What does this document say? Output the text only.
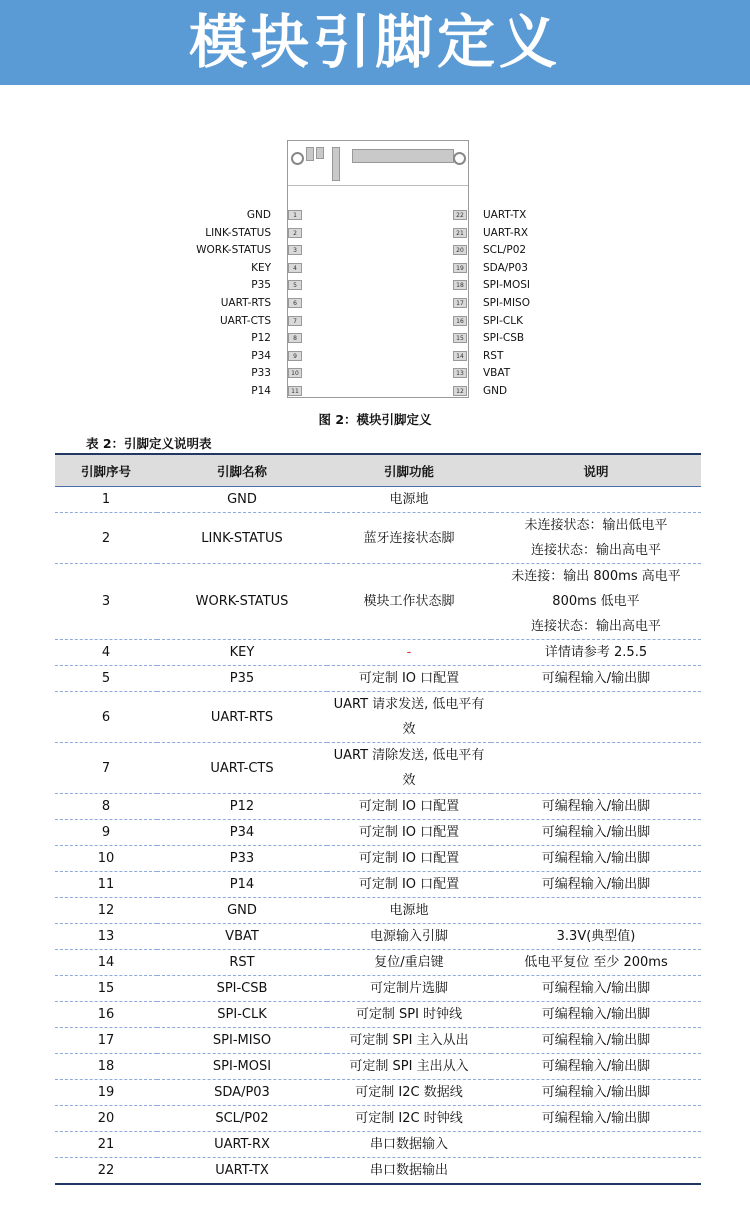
模块引脚定义
GND	1
LINK-STATUS	2
WORK-STATUS	3
KEY	4
P35	5
UART-RTS	6
UART-CTS	7
P12	8
P34	9
P33	10
P14	11
UART-TX
22
UART-RX
21
SCL/P02
20
SDA/P03
19
SPI-MOSI
18
SPI-MISO
17
SPI-CLK
16
SPI-CSB
15
RST
14
VBAT
13
GND
12
图 2：模块引脚定义
表 2：引脚定义说明表
引脚序号	引脚名称	引脚功能	说明
1	GND	电源地	

2	LINK-STATUS	蓝牙连接状态脚	未连接状态：输出低电平
连接状态：输出高电平

3	WORK-STATUS	模块工作状态脚	未连接：输出 800ms 高电平
800ms 低电平
连接状态：输出高电平

4	KEY	-	详情请参考 2.5.5

5	P35	可定制 IO 口配置	可编程输入/输出脚

6	UART-RTS	UART 请求发送, 低电平有
效	

7	UART-CTS	UART 清除发送, 低电平有
效	

8	P12	可定制 IO 口配置	可编程输入/输出脚

9	P34	可定制 IO 口配置	可编程输入/输出脚

10	P33	可定制 IO 口配置	可编程输入/输出脚

11	P14	可定制 IO 口配置	可编程输入/输出脚

12	GND	电源地	

13	VBAT	电源输入引脚	3.3V(典型值)

14	RST	复位/重启键	低电平复位 至少 200ms

15	SPI-CSB	可定制片选脚	可编程输入/输出脚

16	SPI-CLK	可定制 SPI 时钟线	可编程输入/输出脚

17	SPI-MISO	可定制 SPI 主入从出	可编程输入/输出脚

18	SPI-MOSI	可定制 SPI 主出从入	可编程输入/输出脚

19	SDA/P03	可定制 I2C 数据线	可编程输入/输出脚

20	SCL/P02	可定制 I2C 时钟线	可编程输入/输出脚

21	UART-RX	串口数据输入	

22	UART-TX	串口数据输出	
